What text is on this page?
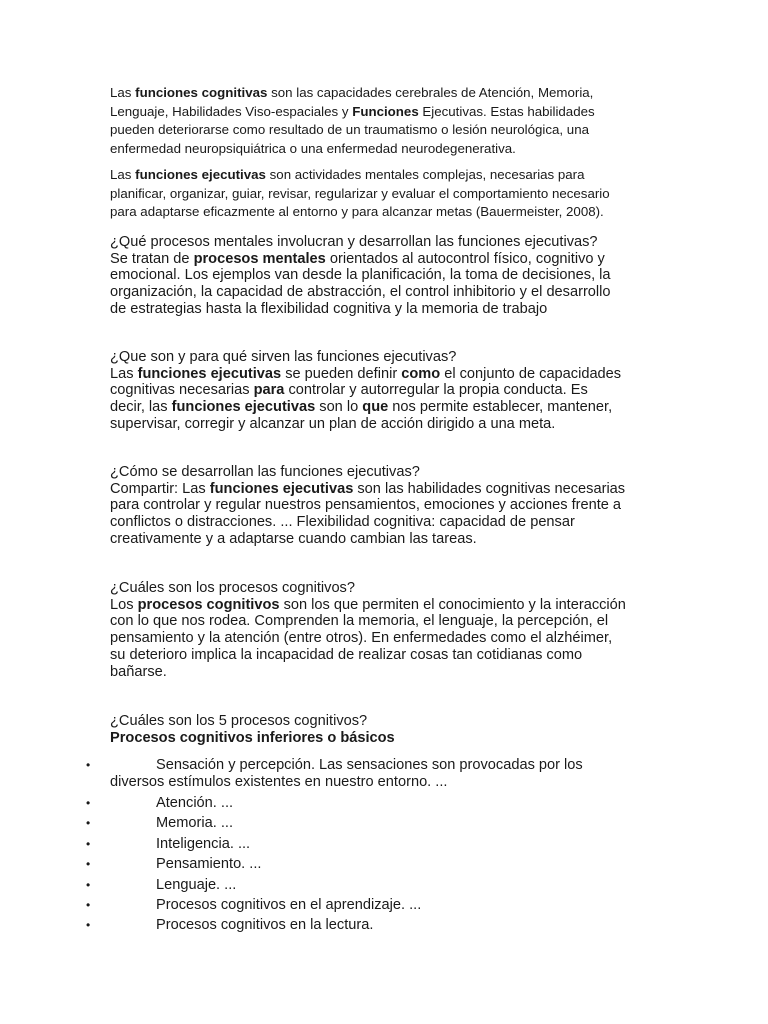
Las funciones cognitivas son las capacidades cerebrales de Atención, Memoria,
Lenguaje, Habilidades Viso-espaciales y Funciones Ejecutivas. Estas habilidades
pueden deteriorarse como resultado de un traumatismo o lesión neurológica, una
enfermedad neuropsiquiátrica o una enfermedad neurodegenerativa.
Las funciones ejecutivas son actividades mentales complejas, necesarias para
planificar, organizar, guiar, revisar, regularizar y evaluar el comportamiento necesario
para adaptarse eficazmente al entorno y para alcanzar metas (Bauermeister, 2008).
¿Qué procesos mentales involucran y desarrollan las funciones ejecutivas?
Se tratan de procesos mentales orientados al autocontrol físico, cognitivo y
emocional. Los ejemplos van desde la planificación, la toma de decisiones, la
organización, la capacidad de abstracción, el control inhibitorio y el desarrollo
de estrategias hasta la flexibilidad cognitiva y la memoria de trabajo
¿Que son y para qué sirven las funciones ejecutivas?
Las funciones ejecutivas se pueden definir como el conjunto de capacidades
cognitivas necesarias para controlar y autorregular la propia conducta. Es
decir, las funciones ejecutivas son lo que nos permite establecer, mantener,
supervisar, corregir y alcanzar un plan de acción dirigido a una meta.
¿Cómo se desarrollan las funciones ejecutivas?
Compartir: Las funciones ejecutivas son las habilidades cognitivas necesarias
para controlar y regular nuestros pensamientos, emociones y acciones frente a
conflictos o distracciones. ... Flexibilidad cognitiva: capacidad de pensar
creativamente y a adaptarse cuando cambian las tareas.
¿Cuáles son los procesos cognitivos?
Los procesos cognitivos son los que permiten el conocimiento y la interacción
con lo que nos rodea. Comprenden la memoria, el lenguaje, la percepción, el
pensamiento y la atención (entre otros). En enfermedades como el alzhéimer,
su deterioro implica la incapacidad de realizar cosas tan cotidianas como
bañarse.
¿Cuáles son los 5 procesos cognitivos?
Procesos cognitivos inferiores o básicos
•	Sensación y percepción. Las sensaciones son provocadas por los
diversos estímulos existentes en nuestro entorno. ...
•	Atención. ...
•	Memoria. ...
•	Inteligencia. ...
•	Pensamiento. ...
•	Lenguaje. ...
•	Procesos cognitivos en el aprendizaje. ...
•	Procesos cognitivos en la lectura.
